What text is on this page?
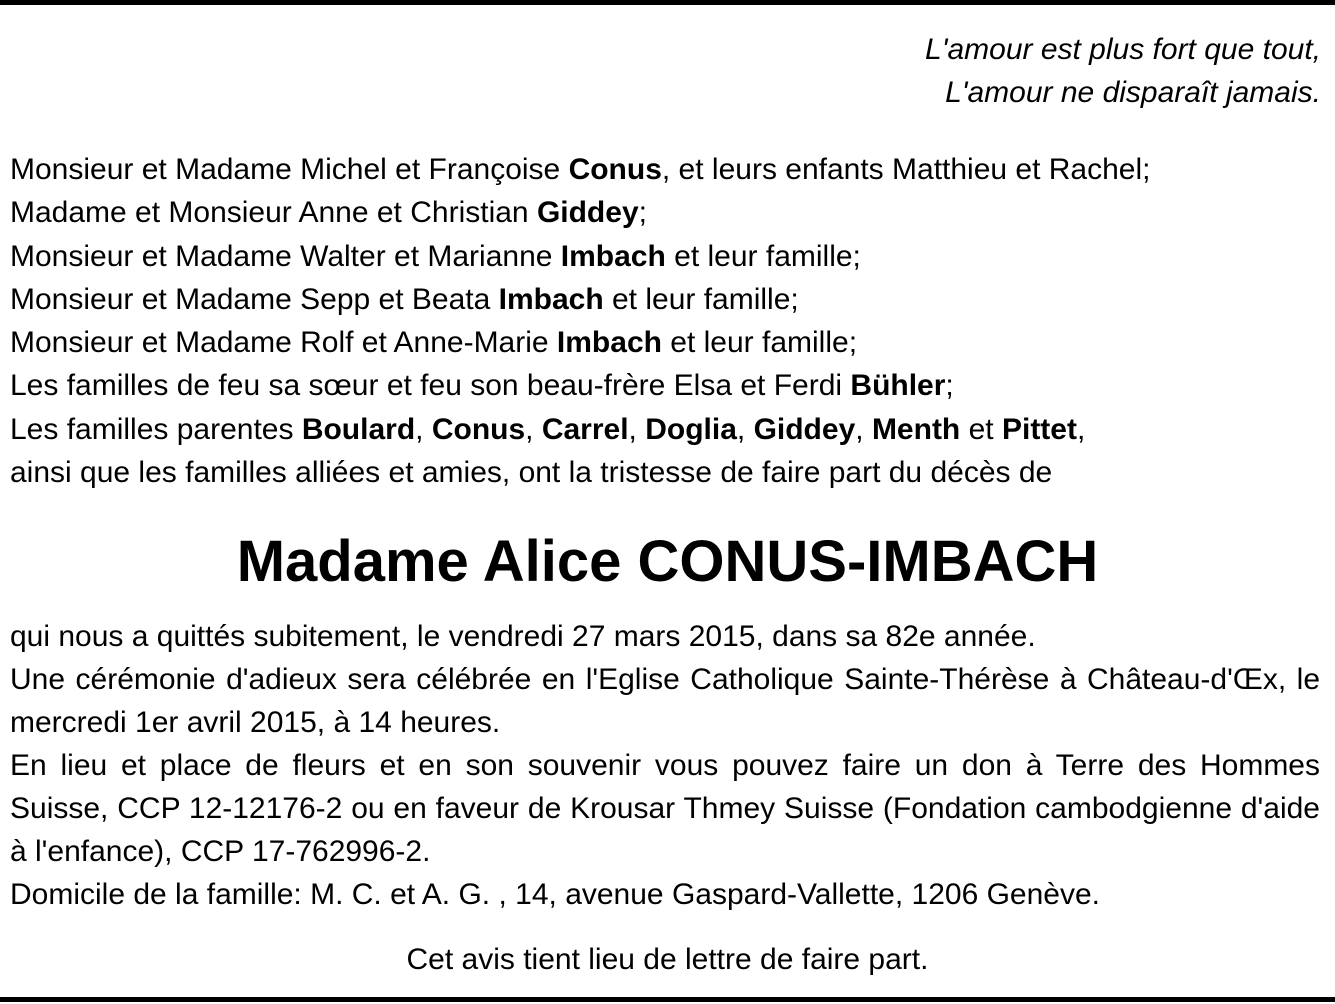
L'amour est plus fort que tout,
L'amour ne disparaît jamais.
Monsieur et Madame Michel et Françoise Conus, et leurs enfants Matthieu et Rachel;
Madame et Monsieur Anne et Christian Giddey;
Monsieur et Madame Walter et Marianne Imbach et leur famille;
Monsieur et Madame Sepp et Beata Imbach et leur famille;
Monsieur et Madame Rolf et Anne-Marie Imbach et leur famille;
Les familles de feu sa sœur et feu son beau-frère Elsa et Ferdi Bühler;
Les familles parentes Boulard, Conus, Carrel, Doglia, Giddey, Menth et Pittet,
ainsi que les familles alliées et amies, ont la tristesse de faire part du décès de
Madame Alice CONUS-IMBACH
qui nous a quittés subitement, le vendredi 27 mars 2015, dans sa 82e année.
Une cérémonie d'adieux sera célébrée en l'Eglise Catholique Sainte-Thérèse à Château-d'Œx, le mercredi 1er avril 2015, à 14 heures.
En lieu et place de fleurs et en son souvenir vous pouvez faire un don à Terre des Hommes Suisse, CCP 12-12176-2 ou en faveur de Krousar Thmey Suisse (Fondation cambodgienne d'aide à l'enfance), CCP 17-762996-2.
Domicile de la famille: M. C. et A. G. , 14, avenue Gaspard-Vallette, 1206 Genève.
Cet avis tient lieu de lettre de faire part.
